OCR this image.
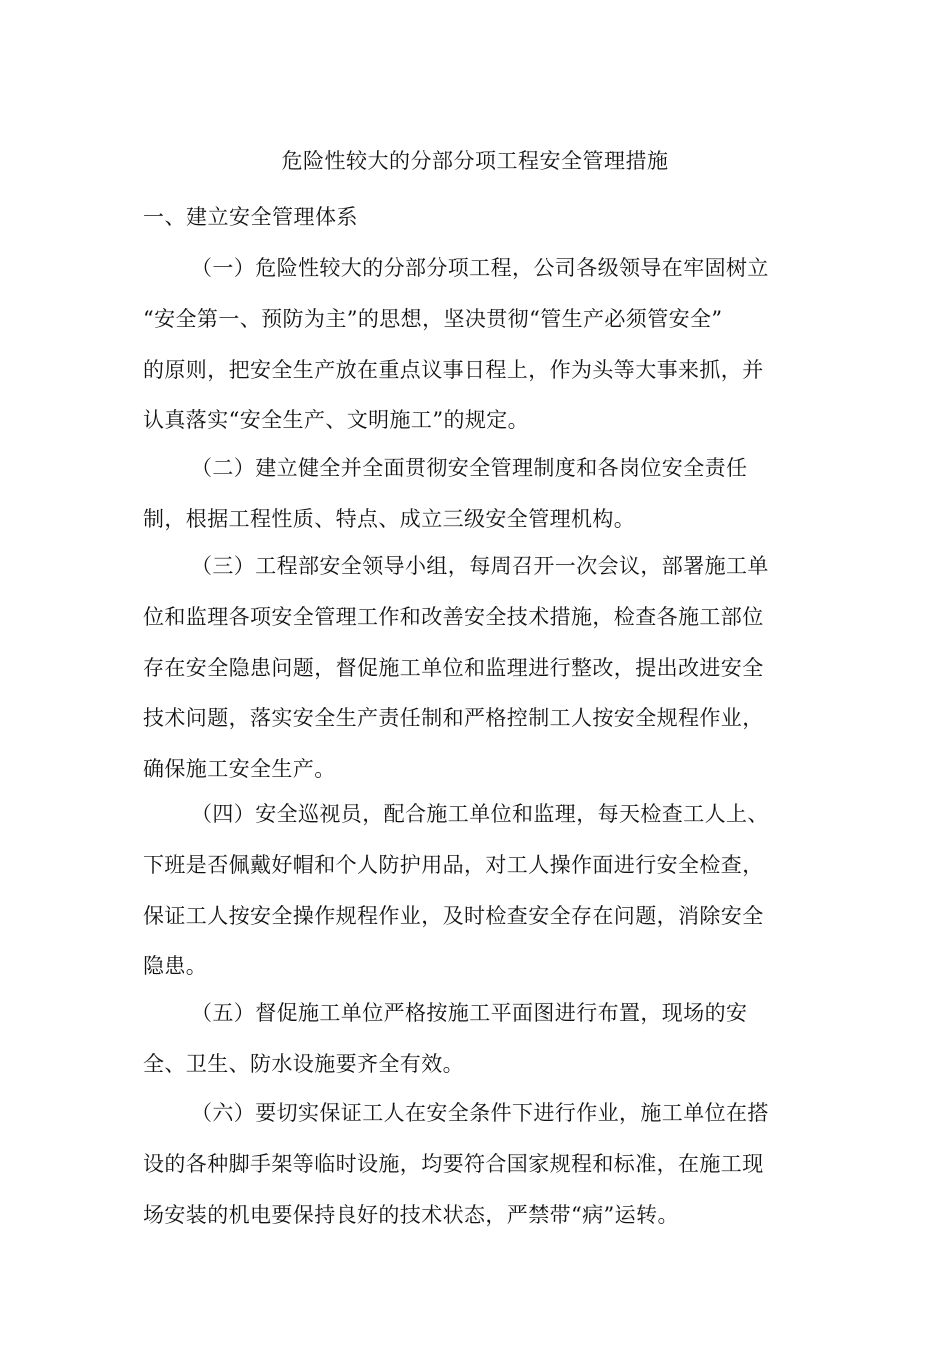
危险性较大的分部分项工程安全管理措施
一、建立安全管理体系

（一）危险性较大的分部分项工程，公司各级领导在牢固树立
“安全第一、预防为主”的思想，坚决贯彻“管生产必须管安全”
的原则，把安全生产放在重点议事日程上，作为头等大事来抓，并
认真落实“安全生产、文明施工”的规定。

（二）建立健全并全面贯彻安全管理制度和各岗位安全责任
制，根据工程性质、特点、成立三级安全管理机构。

（三）工程部安全领导小组，每周召开一次会议，部署施工单
位和监理各项安全管理工作和改善安全技术措施，检查各施工部位
存在安全隐患问题，督促施工单位和监理进行整改，提出改进安全
技术问题，落实安全生产责任制和严格控制工人按安全规程作业，
确保施工安全生产。

（四）安全巡视员，配合施工单位和监理，每天检查工人上、
下班是否佩戴好帽和个人防护用品，对工人操作面进行安全检查，
保证工人按安全操作规程作业，及时检查安全存在问题，消除安全
隐患。

（五）督促施工单位严格按施工平面图进行布置，现场的安
全、卫生、防水设施要齐全有效。

（六）要切实保证工人在安全条件下进行作业，施工单位在搭
设的各种脚手架等临时设施，均要符合国家规程和标准，在施工现
场安装的机电要保持良好的技术状态，严禁带“病”运转。
